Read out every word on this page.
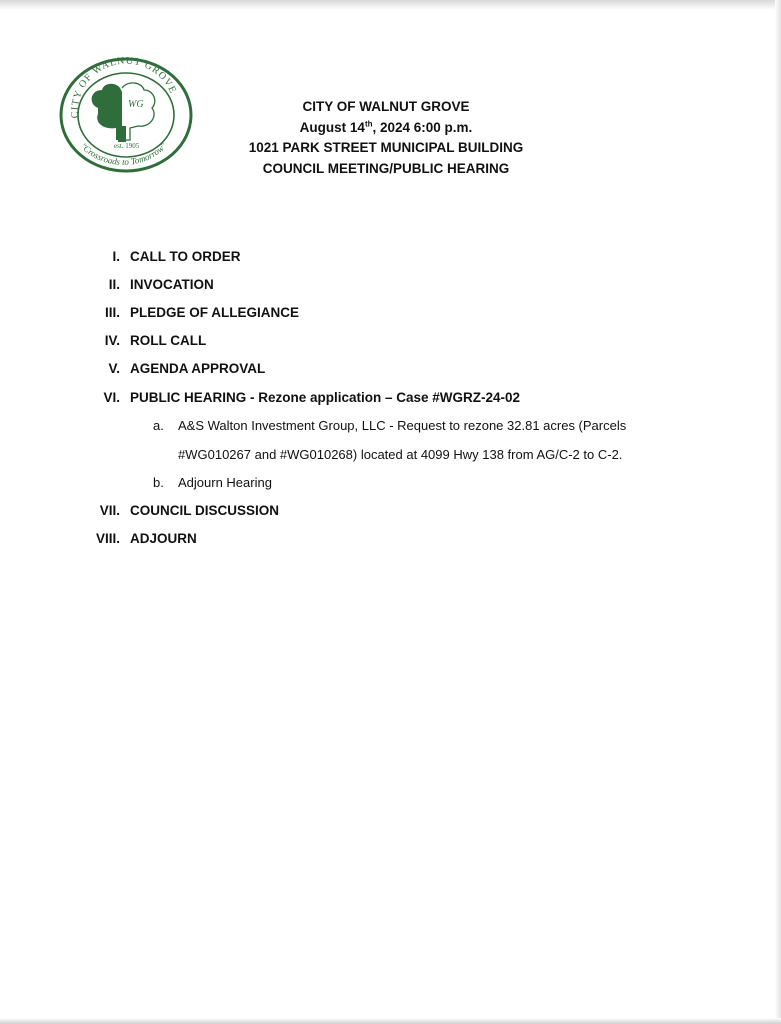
CITY OF WALNUT GROVE
"Crossroads to Tomorrow"
WG
est. 1905
CITY OF WALNUT GROVE
August 14th, 2024 6:00 p.m.
1021 PARK STREET MUNICIPAL BUILDING
COUNCIL MEETING/PUBLIC HEARING
I. CALL TO ORDER
II. INVOCATION
III. PLEDGE OF ALLEGIANCE
IV. ROLL CALL
V. AGENDA APPROVAL
VI. PUBLIC HEARING - Rezone application – Case #WGRZ-24-02
a. A&S Walton Investment Group, LLC - Request to rezone 32.81 acres (Parcels
#WG010267 and #WG010268) located at 4099 Hwy 138 from AG/C-2 to C-2.
b. Adjourn Hearing
VII. COUNCIL DISCUSSION
VIII. ADJOURN
